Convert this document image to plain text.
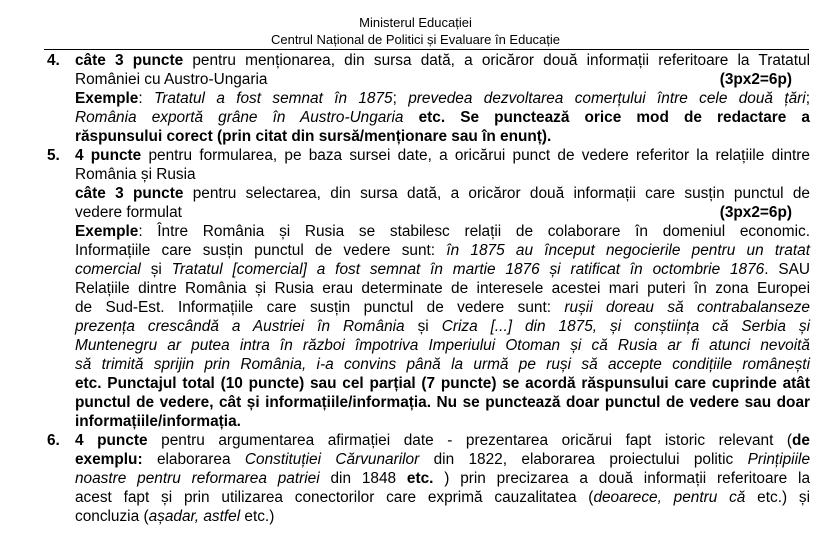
Ministerul Educației
Centrul Național de Politici și Evaluare în Educație
4. câte 3 puncte pentru menționarea, din sursa dată, a oricăror două informații referitoare la Tratatul
României cu Austro-Ungaria	(3px2=6p)
Exemple: Tratatul a fost semnat în 1875; prevedea dezvoltarea comerțului între cele două țări;
România exportă grâne în Austro-Ungaria etc. Se punctează orice mod de redactare a
răspunsului corect (prin citat din sursă/menționare sau în enunț).
5. 4 puncte pentru formularea, pe baza sursei date, a oricărui punct de vedere referitor la relațiile dintre
România și Rusia
câte 3 puncte pentru selectarea, din sursa dată, a oricăror două informații care susțin punctul de
vedere formulat	(3px2=6p)
Exemple: Între România și Rusia se stabilesc relații de colaborare în domeniul economic.
Informațiile care susțin punctul de vedere sunt: în 1875 au început negocierile pentru un tratat
comercial și Tratatul [comercial] a fost semnat în martie 1876 și ratificat în octombrie 1876. SAU
Relațiile dintre România și Rusia erau determinate de interesele acestei mari puteri în zona Europei
de Sud-Est. Informațiile care susțin punctul de vedere sunt: rușii doreau să contrabalanseze
prezența crescândă a Austriei în România și Criza [...] din 1875, și conștiința că Serbia și
Muntenegru ar putea intra în război împotriva Imperiului Otoman și că Rusia ar fi atunci nevoită
să trimită sprijin prin România, i-a convins până la urmă pe ruși să accepte condițiile românești
etc. Punctajul total (10 puncte) sau cel parțial (7 puncte) se acordă răspunsului care cuprinde atât
punctul de vedere, cât și informațiile/informația. Nu se punctează doar punctul de vedere sau doar
informațiile/informația.
6. 4 puncte pentru argumentarea afirmației date - prezentarea oricărui fapt istoric relevant (de
exemplu: elaborarea Constituției Cărvunarilor din 1822, elaborarea proiectului politic Prințipiile
noastre pentru reformarea patriei din 1848 etc. ) prin precizarea a două informații referitoare la
acest fapt și prin utilizarea conectorilor care exprimă cauzalitatea (deoarece, pentru că etc.) și
concluzia (așadar, astfel etc.)
